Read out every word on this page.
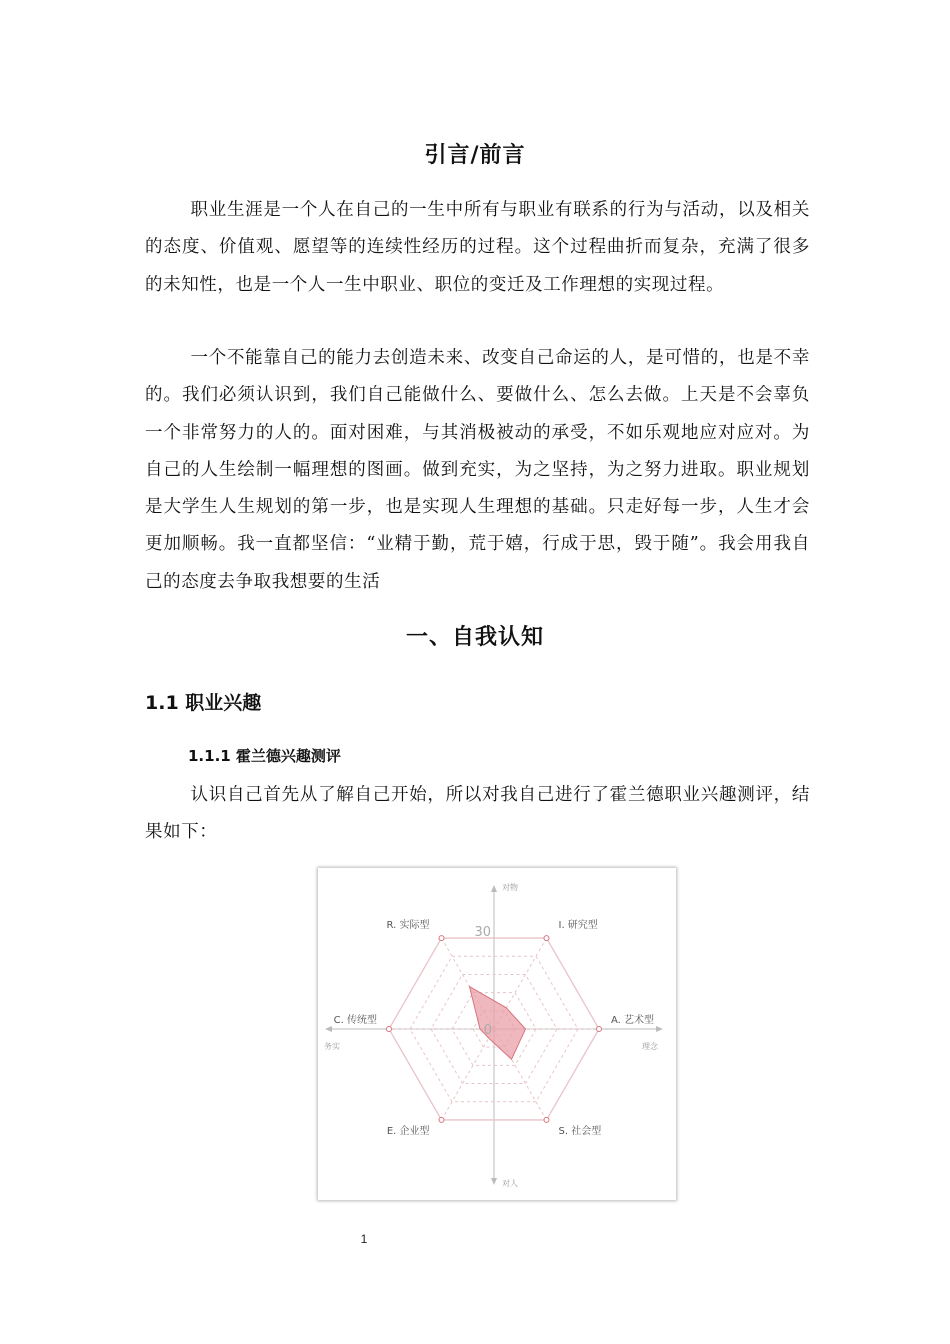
引言/前言
职业生涯是一个人在自己的一生中所有与职业有联系的行为与活动，以及相关的态度、价值观、愿望等的连续性经历的过程。这个过程曲折而复杂，充满了很多的未知性，也是一个人一生中职业、职位的变迁及工作理想的实现过程。
一个不能靠自己的能力去创造未来、改变自己命运的人，是可惜的，也是不幸的。我们必须认识到，我们自己能做什么、要做什么、怎么去做。上天是不会辜负一个非常努力的人的。面对困难，与其消极被动的承受，不如乐观地应对应对。为自己的人生绘制一幅理想的图画。做到充实，为之坚持，为之努力进取。职业规划是大学生人生规划的第一步，也是实现人生理想的基础。只走好每一步，人生才会更加顺畅。我一直都坚信：“业精于勤，荒于嬉，行成于思，毁于随”。我会用我自己的态度去争取我想要的生活
一、自我认知
1.1 职业兴趣
1.1.1 霍兰德兴趣测评
认识自己首先从了解自己开始，所以对我自己进行了霍兰德职业兴趣测评，结果如下：
R. 实际型	I. 研究型
A. 艺术型
S. 社会型
E. 企业型
C. 传统型
30
0
对物
对人
务实	理念
1
